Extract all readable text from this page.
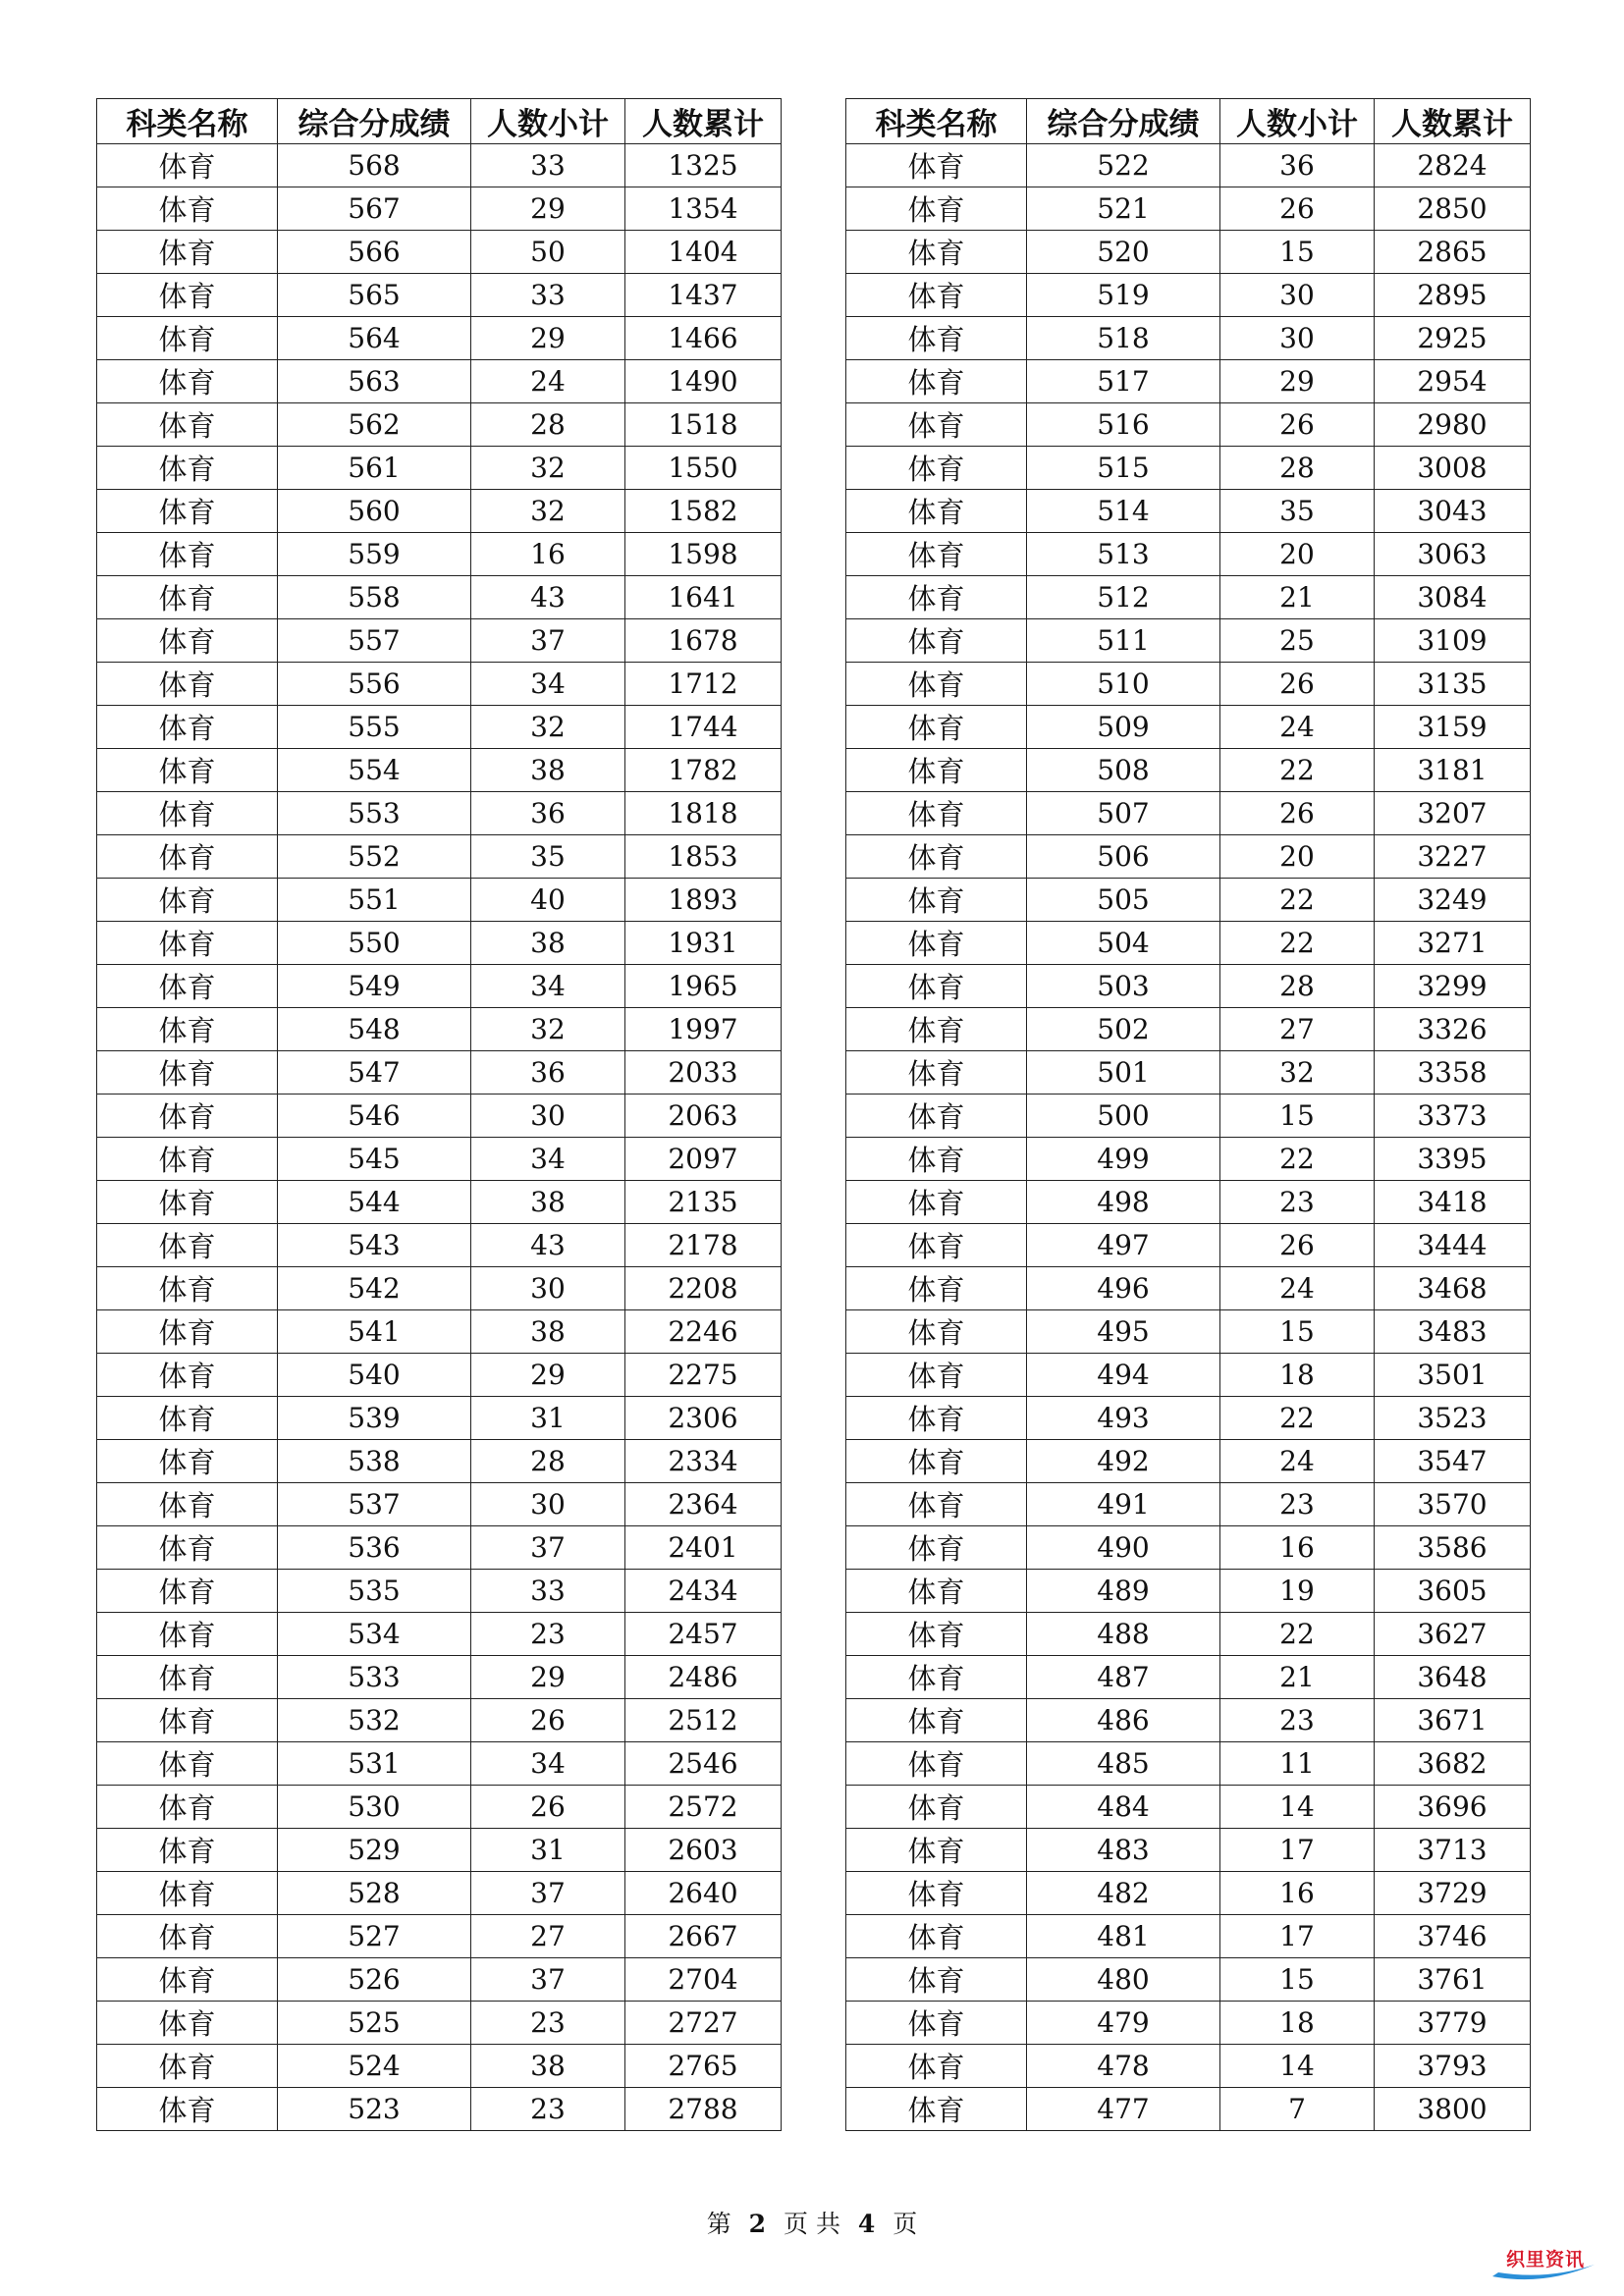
科类名称	综合分成绩	人数小计	人数累计
体育	568	33	1325
体育	567	29	1354
体育	566	50	1404
体育	565	33	1437
体育	564	29	1466
体育	563	24	1490
体育	562	28	1518
体育	561	32	1550
体育	560	32	1582
体育	559	16	1598
体育	558	43	1641
体育	557	37	1678
体育	556	34	1712
体育	555	32	1744
体育	554	38	1782
体育	553	36	1818
体育	552	35	1853
体育	551	40	1893
体育	550	38	1931
体育	549	34	1965
体育	548	32	1997
体育	547	36	2033
体育	546	30	2063
体育	545	34	2097
体育	544	38	2135
体育	543	43	2178
体育	542	30	2208
体育	541	38	2246
体育	540	29	2275
体育	539	31	2306
体育	538	28	2334
体育	537	30	2364
体育	536	37	2401
体育	535	33	2434
体育	534	23	2457
体育	533	29	2486
体育	532	26	2512
体育	531	34	2546
体育	530	26	2572
体育	529	31	2603
体育	528	37	2640
体育	527	27	2667
体育	526	37	2704
体育	525	23	2727
体育	524	38	2765
体育	523	23	2788
科类名称	综合分成绩	人数小计	人数累计
体育	522	36	2824
体育	521	26	2850
体育	520	15	2865
体育	519	30	2895
体育	518	30	2925
体育	517	29	2954
体育	516	26	2980
体育	515	28	3008
体育	514	35	3043
体育	513	20	3063
体育	512	21	3084
体育	511	25	3109
体育	510	26	3135
体育	509	24	3159
体育	508	22	3181
体育	507	26	3207
体育	506	20	3227
体育	505	22	3249
体育	504	22	3271
体育	503	28	3299
体育	502	27	3326
体育	501	32	3358
体育	500	15	3373
体育	499	22	3395
体育	498	23	3418
体育	497	26	3444
体育	496	24	3468
体育	495	15	3483
体育	494	18	3501
体育	493	22	3523
体育	492	24	3547
体育	491	23	3570
体育	490	16	3586
体育	489	19	3605
体育	488	22	3627
体育	487	21	3648
体育	486	23	3671
体育	485	11	3682
体育	484	14	3696
体育	483	17	3713
体育	482	16	3729
体育	481	17	3746
体育	480	15	3761
体育	479	18	3779
体育	478	14	3793
体育	477	7	3800
第 2 页 共 4 页
织里资讯
